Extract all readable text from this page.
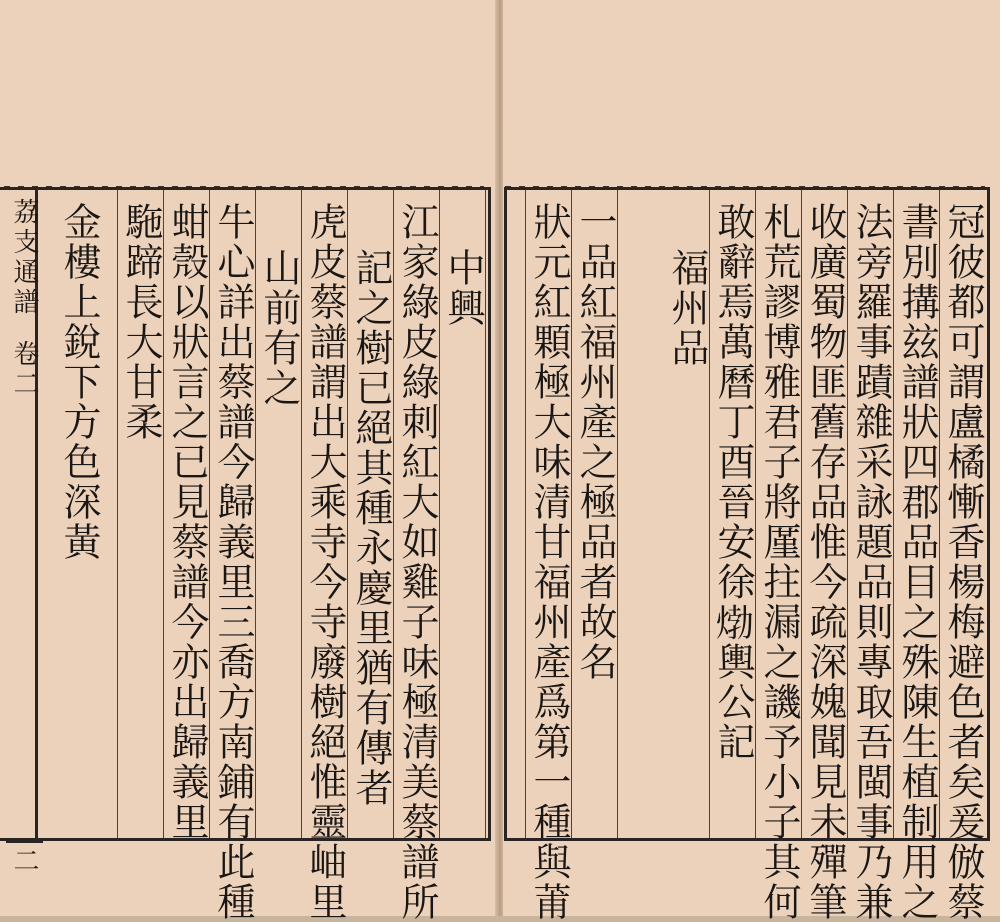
荔支通譜
卷二
二
中興
江家綠皮綠刺紅大如雞子味極清美蔡譜所
記之樹已絕其種永慶里猶有傳者
虎皮蔡譜謂出大乘寺今寺廢樹絕惟靈岫里
山前有之
牛心詳出蔡譜今歸義里三喬方南鋪有此種
蚶殼以狀言之已見蔡譜今亦出歸義里
駞蹄長大甘柔
金樓上銳下方色深黃	冠彼都可謂盧橘慚香楊梅避色者矣爰倣蔡
書別搆玆譜狀四郡品目之殊陳生植制用之
法旁羅事蹟雜采詠題品則專取吾閩事乃兼
收廣蜀物匪舊存品惟今疏深媿聞見未殫筆
札荒謬博雅君子將厪拄漏之譏予小子其何
敢辭焉萬曆丁酉晉安徐𤊹輿公記
福州品
一品紅福州產之極品者故名
狀元紅顆極大味清甘福州產爲第一種與莆
